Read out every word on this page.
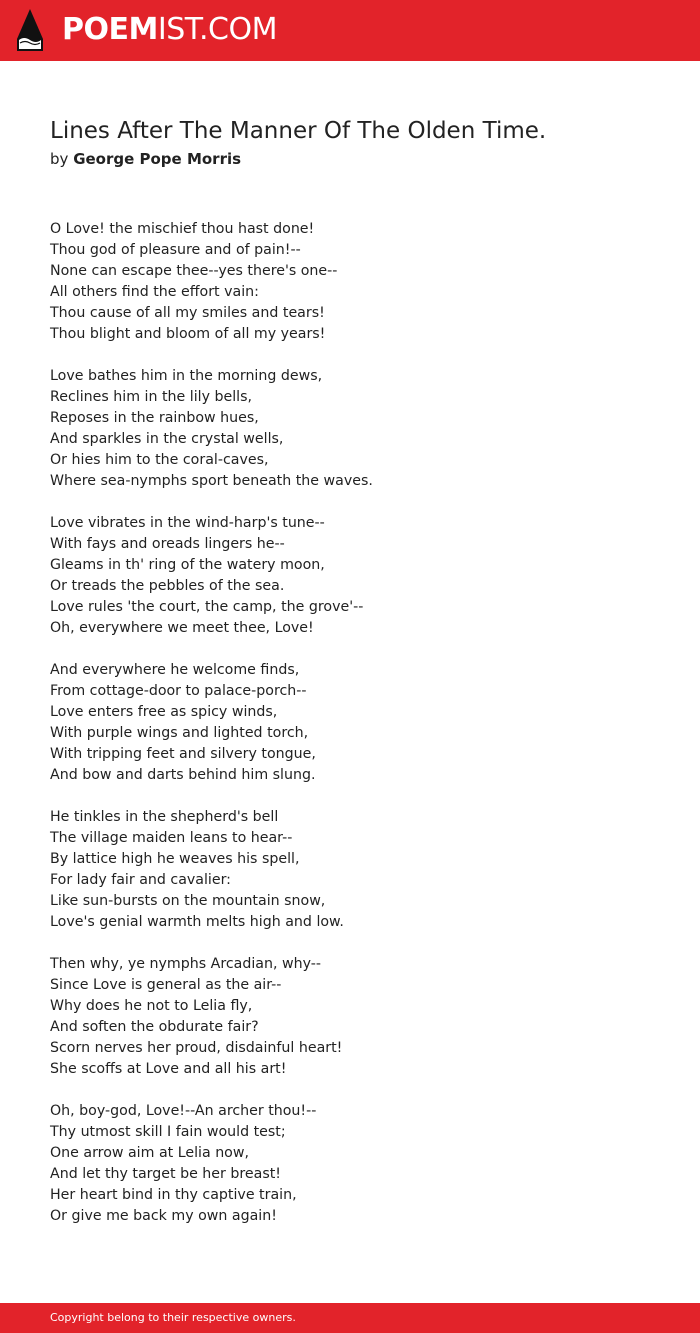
POEMIST.COM
Lines After The Manner Of The Olden Time.
by George Pope Morris
O Love! the mischief thou hast done!
Thou god of pleasure and of pain!--
None can escape thee--yes there's one--
All others find the effort vain:
Thou cause of all my smiles and tears!
Thou blight and bloom of all my years!
Love bathes him in the morning dews,
Reclines him in the lily bells,
Reposes in the rainbow hues,
And sparkles in the crystal wells,
Or hies him to the coral-caves,
Where sea-nymphs sport beneath the waves.
Love vibrates in the wind-harp's tune--
With fays and oreads lingers he--
Gleams in th' ring of the watery moon,
Or treads the pebbles of the sea.
Love rules 'the court, the camp, the grove'--
Oh, everywhere we meet thee, Love!
And everywhere he welcome finds,
From cottage-door to palace-porch--
Love enters free as spicy winds,
With purple wings and lighted torch,
With tripping feet and silvery tongue,
And bow and darts behind him slung.
He tinkles in the shepherd's bell
The village maiden leans to hear--
By lattice high he weaves his spell,
For lady fair and cavalier:
Like sun-bursts on the mountain snow,
Love's genial warmth melts high and low.
Then why, ye nymphs Arcadian, why--
Since Love is general as the air--
Why does he not to Lelia fly,
And soften the obdurate fair?
Scorn nerves her proud, disdainful heart!
She scoffs at Love and all his art!
Oh, boy-god, Love!--An archer thou!--
Thy utmost skill I fain would test;
One arrow aim at Lelia now,
And let thy target be her breast!
Her heart bind in thy captive train,
Or give me back my own again!
Copyright belong to their respective owners.
